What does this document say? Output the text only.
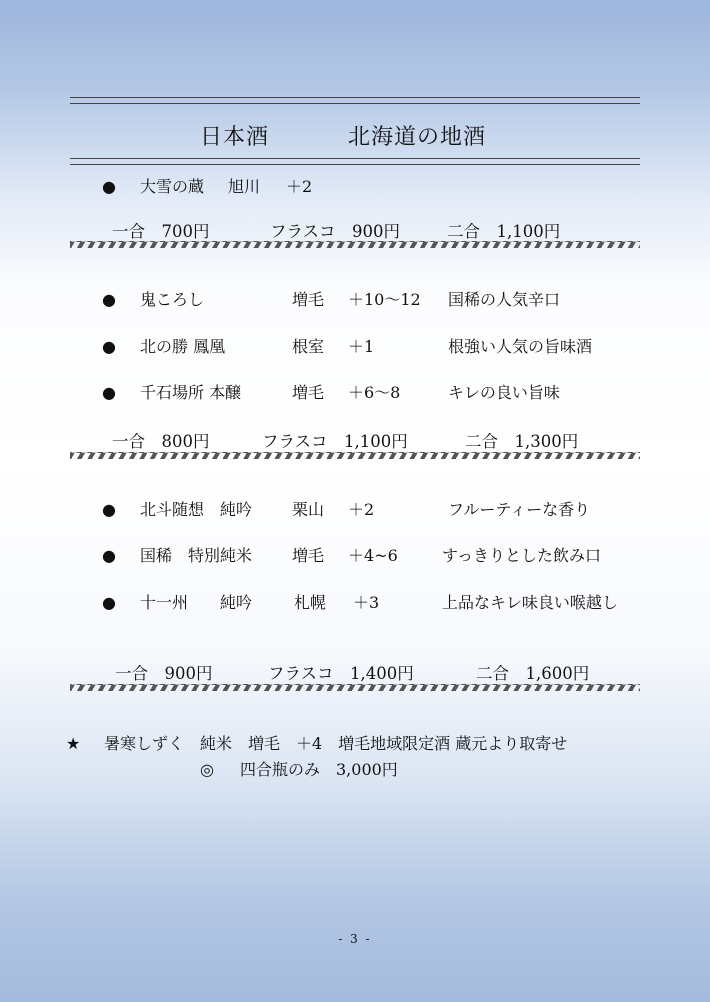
日本酒	北海道の地酒
● 大雪の蔵 旭川 ＋2
一合　700円	フラスコ　900円	二合　1,100円
● 鬼ころし	増毛 ＋10～12 国稀の人気辛口
● 北の勝 鳳凰	根室 ＋1	根強い人気の旨味酒
● 千石場所 本醸	増毛 ＋6～8	キレの良い旨味
一合　800円	フラスコ　1,100円	二合　1,300円
● 北斗随想　純吟 栗山 ＋2	フルーティーな香り
● 国稀　特別純米 増毛 ＋4~6	すっきりとした飲み口
● 十一州　　純吟	札幌 ＋3	上品なキレ味良い喉越し
一合　900円	フラスコ　1,400円	二合　1,600円
★ 暑寒しずく　純米　増毛　＋4　増毛地域限定酒 蔵元より取寄せ
◎ 四合瓶のみ　3,000円
- 3 -
